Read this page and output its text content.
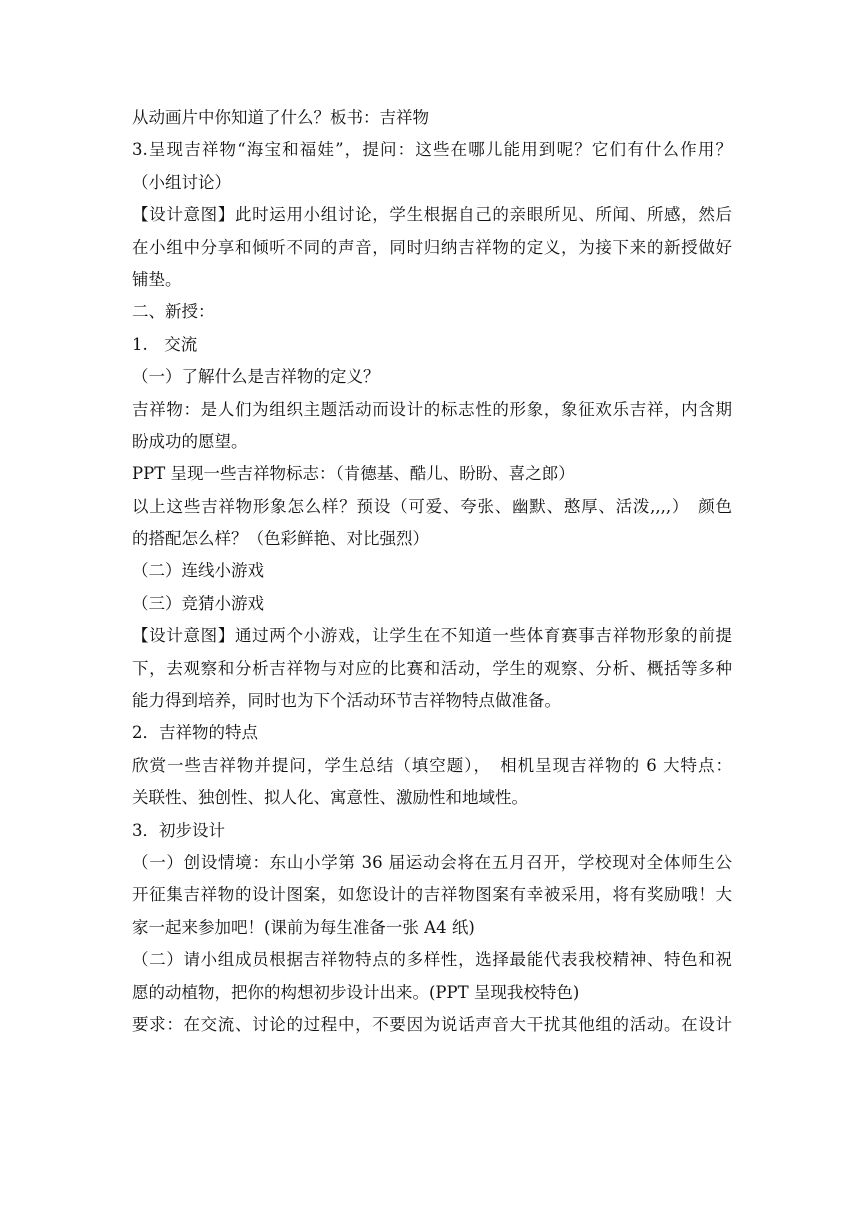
从动画片中你知道了什么？板书：吉祥物
3.呈现吉祥物“海宝和福娃”，提问：这些在哪儿能用到呢？它们有什么作用？
（小组讨论）
【设计意图】此时运用小组讨论，学生根据自己的亲眼所见、所闻、所感，然后
在小组中分享和倾听不同的声音，同时归纳吉祥物的定义，为接下来的新授做好
铺垫。
二、新授：
1.　交流
（一）了解什么是吉祥物的定义？
吉祥物：是人们为组织主题活动而设计的标志性的形象，象征欢乐吉祥，内含期
盼成功的愿望。
PPT 呈现一些吉祥物标志：（肯德基、酷儿、盼盼、喜之郎）
以上这些吉祥物形象怎么样？预设（可爱、夸张、幽默、憨厚、活泼,,,,）　颜色
的搭配怎么样？（色彩鲜艳、对比强烈）
（二）连线小游戏
（三）竞猜小游戏
【设计意图】通过两个小游戏，让学生在不知道一些体育赛事吉祥物形象的前提
下，去观察和分析吉祥物与对应的比赛和活动，学生的观察、分析、概括等多种
能力得到培养，同时也为下个活动环节吉祥物特点做准备。
2．吉祥物的特点
欣赏一些吉祥物并提问，学生总结（填空题），　相机呈现吉祥物的 6 大特点：
关联性、独创性、拟人化、寓意性、激励性和地域性。
3．初步设计
（一）创设情境：东山小学第 36 届运动会将在五月召开，学校现对全体师生公
开征集吉祥物的设计图案，如您设计的吉祥物图案有幸被采用，将有奖励哦！大
家一起来参加吧！(课前为每生准备一张 A4 纸)
（二）请小组成员根据吉祥物特点的多样性，选择最能代表我校精神、特色和祝
愿的动植物，把你的构想初步设计出来。(PPT 呈现我校特色)
要求：在交流、讨论的过程中，不要因为说话声音大干扰其他组的活动。在设计
